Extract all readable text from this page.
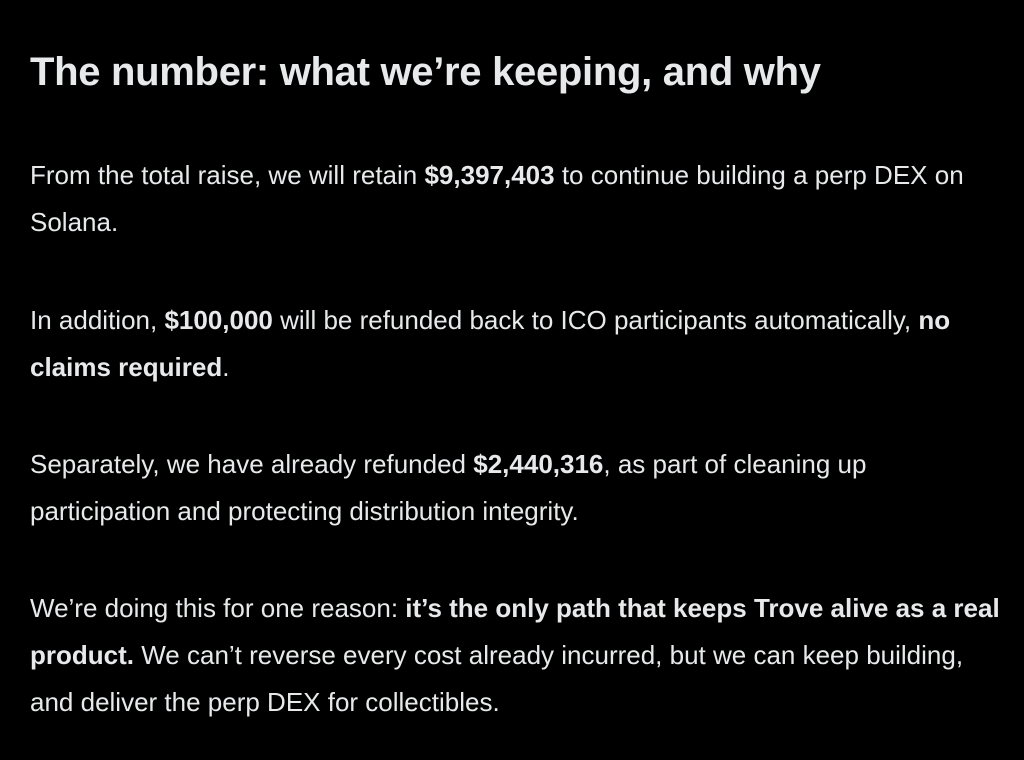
The number: what we’re keeping, and why

From the total raise, we will retain $9,397,403 to continue building a perp DEX on Solana.

In addition, $100,000 will be refunded back to ICO participants automatically, no claims required.

Separately, we have already refunded $2,440,316, as part of cleaning up participation and protecting distribution integrity.

We’re doing this for one reason: it’s the only path that keeps Trove alive as a real product. We can’t reverse every cost already incurred, but we can keep building, and deliver the perp DEX for collectibles.
